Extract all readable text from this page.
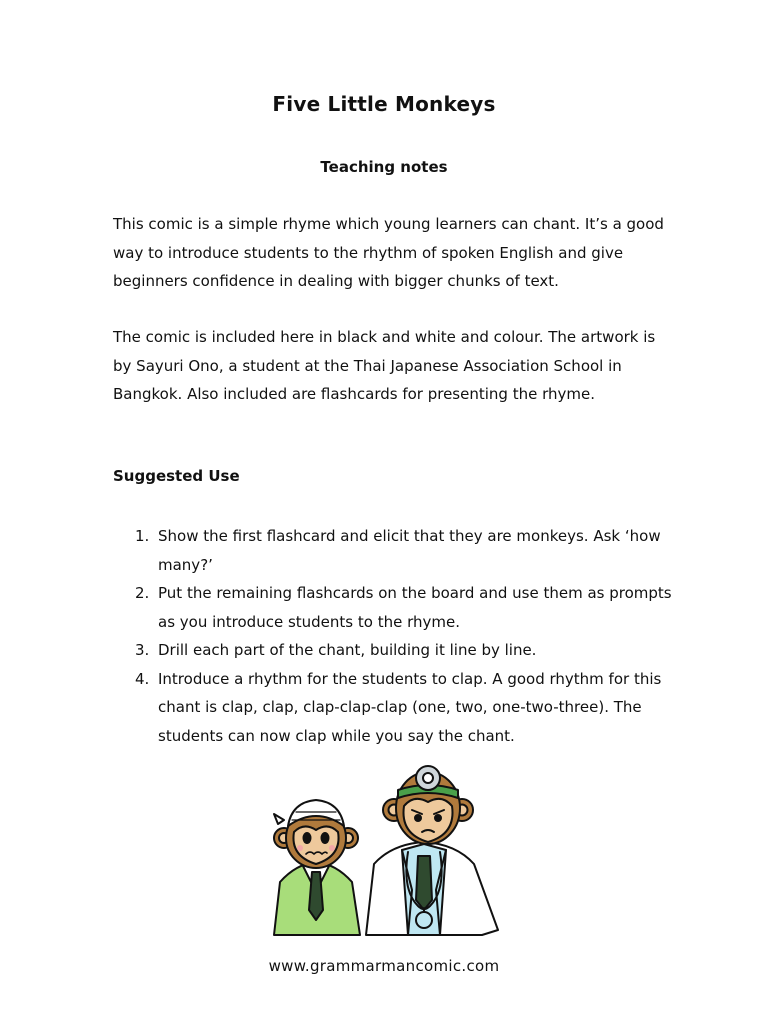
Five Little Monkeys
Teaching notes

This comic is a simple rhyme which young learners can chant. It’s a good way to introduce students to the rhythm of spoken English and give beginners confidence in dealing with bigger chunks of text.

The comic is included here in black and white and colour. The artwork is by Sayuri Ono, a student at the Thai Japanese Association School in Bangkok. Also included are flashcards for presenting the rhyme.

Suggested Use
1. Show the first flashcard and elicit that they are monkeys. Ask ‘how many?’
2. Put the remaining flashcards on the board and use them as prompts as you introduce students to the rhyme.
3. Drill each part of the chant, building it line by line.
4. Introduce a rhythm for the students to clap. A good rhythm for this chant is clap, clap, clap-clap-clap (one, two, one-two-three). The students can now clap while you say the chant.

www.grammarmancomic.com
